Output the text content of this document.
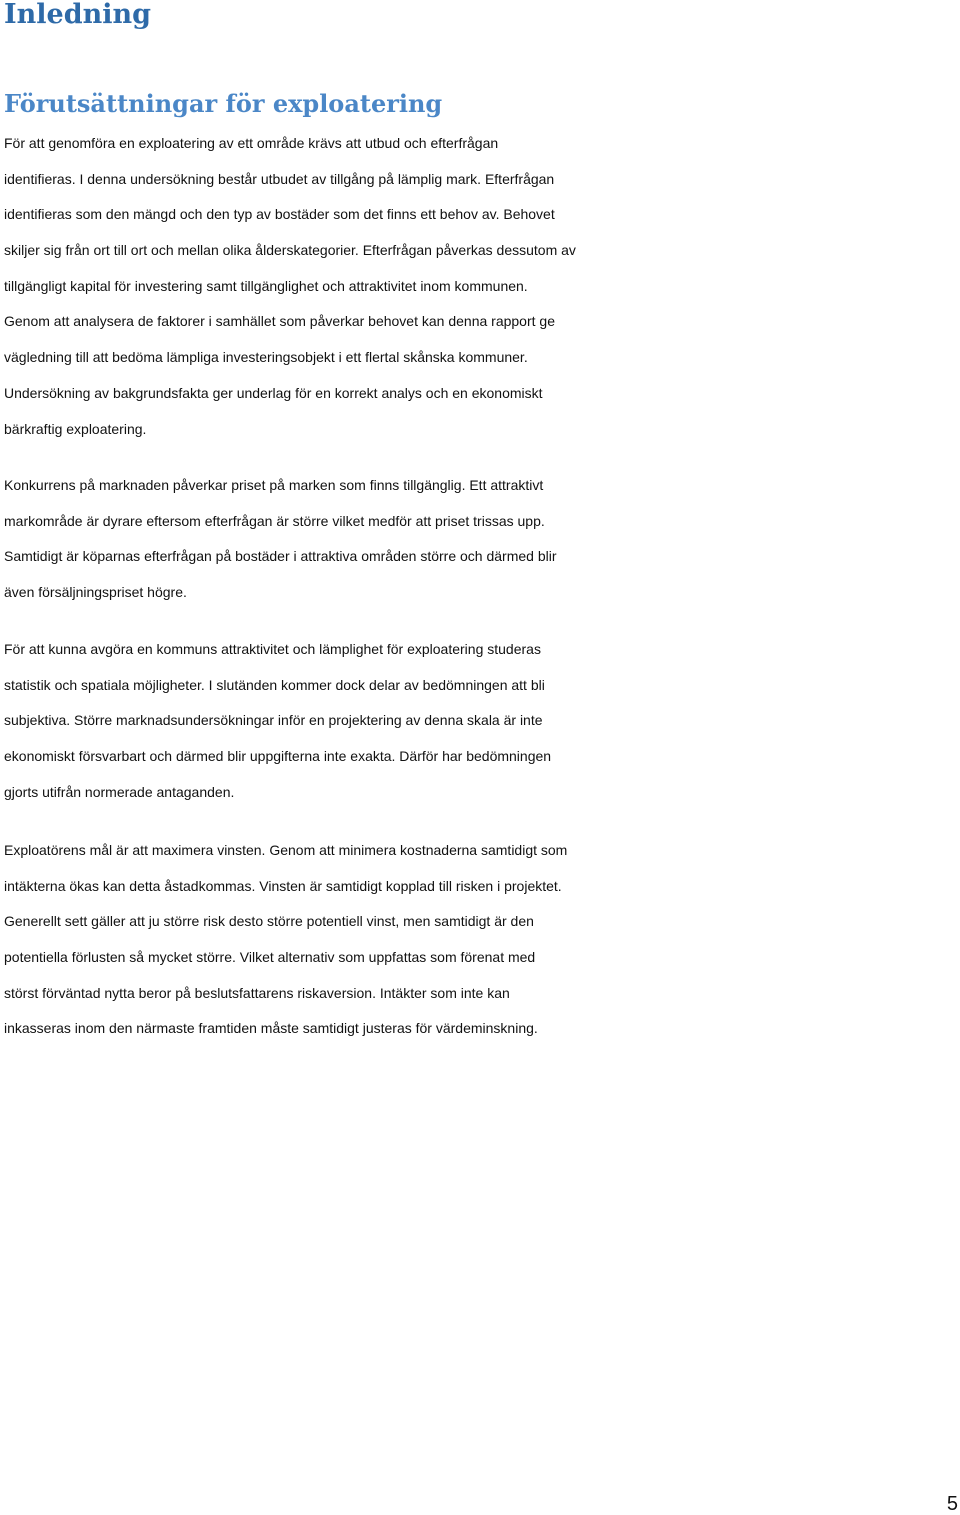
Inledning
Förutsättningar för exploatering

För att genomföra en exploatering av ett område krävs att utbud och efterfrågan
identifieras. I denna undersökning består utbudet av tillgång på lämplig mark. Efterfrågan
identifieras som den mängd och den typ av bostäder som det finns ett behov av. Behovet
skiljer sig från ort till ort och mellan olika ålderskategorier. Efterfrågan påverkas dessutom av
tillgängligt kapital för investering samt tillgänglighet och attraktivitet inom kommunen.
Genom att analysera de faktorer i samhället som påverkar behovet kan denna rapport ge
vägledning till att bedöma lämpliga investeringsobjekt i ett flertal skånska kommuner.
Undersökning av bakgrundsfakta ger underlag för en korrekt analys och en ekonomiskt
bärkraftig exploatering.

Konkurrens på marknaden påverkar priset på marken som finns tillgänglig. Ett attraktivt
markområde är dyrare eftersom efterfrågan är större vilket medför att priset trissas upp.
Samtidigt är köparnas efterfrågan på bostäder i attraktiva områden större och därmed blir
även försäljningspriset högre.

För att kunna avgöra en kommuns attraktivitet och lämplighet för exploatering studeras
statistik och spatiala möjligheter. I slutänden kommer dock delar av bedömningen att bli
subjektiva. Större marknadsundersökningar inför en projektering av denna skala är inte
ekonomiskt försvarbart och därmed blir uppgifterna inte exakta. Därför har bedömningen
gjorts utifrån normerade antaganden.

Exploatörens mål är att maximera vinsten. Genom att minimera kostnaderna samtidigt som
intäkterna ökas kan detta åstadkommas. Vinsten är samtidigt kopplad till risken i projektet.
Generellt sett gäller att ju större risk desto större potentiell vinst, men samtidigt är den
potentiella förlusten så mycket större. Vilket alternativ som uppfattas som förenat med
störst förväntad nytta beror på beslutsfattarens riskaversion. Intäkter som inte kan
inkasseras inom den närmaste framtiden måste samtidigt justeras för värdeminskning.

5
